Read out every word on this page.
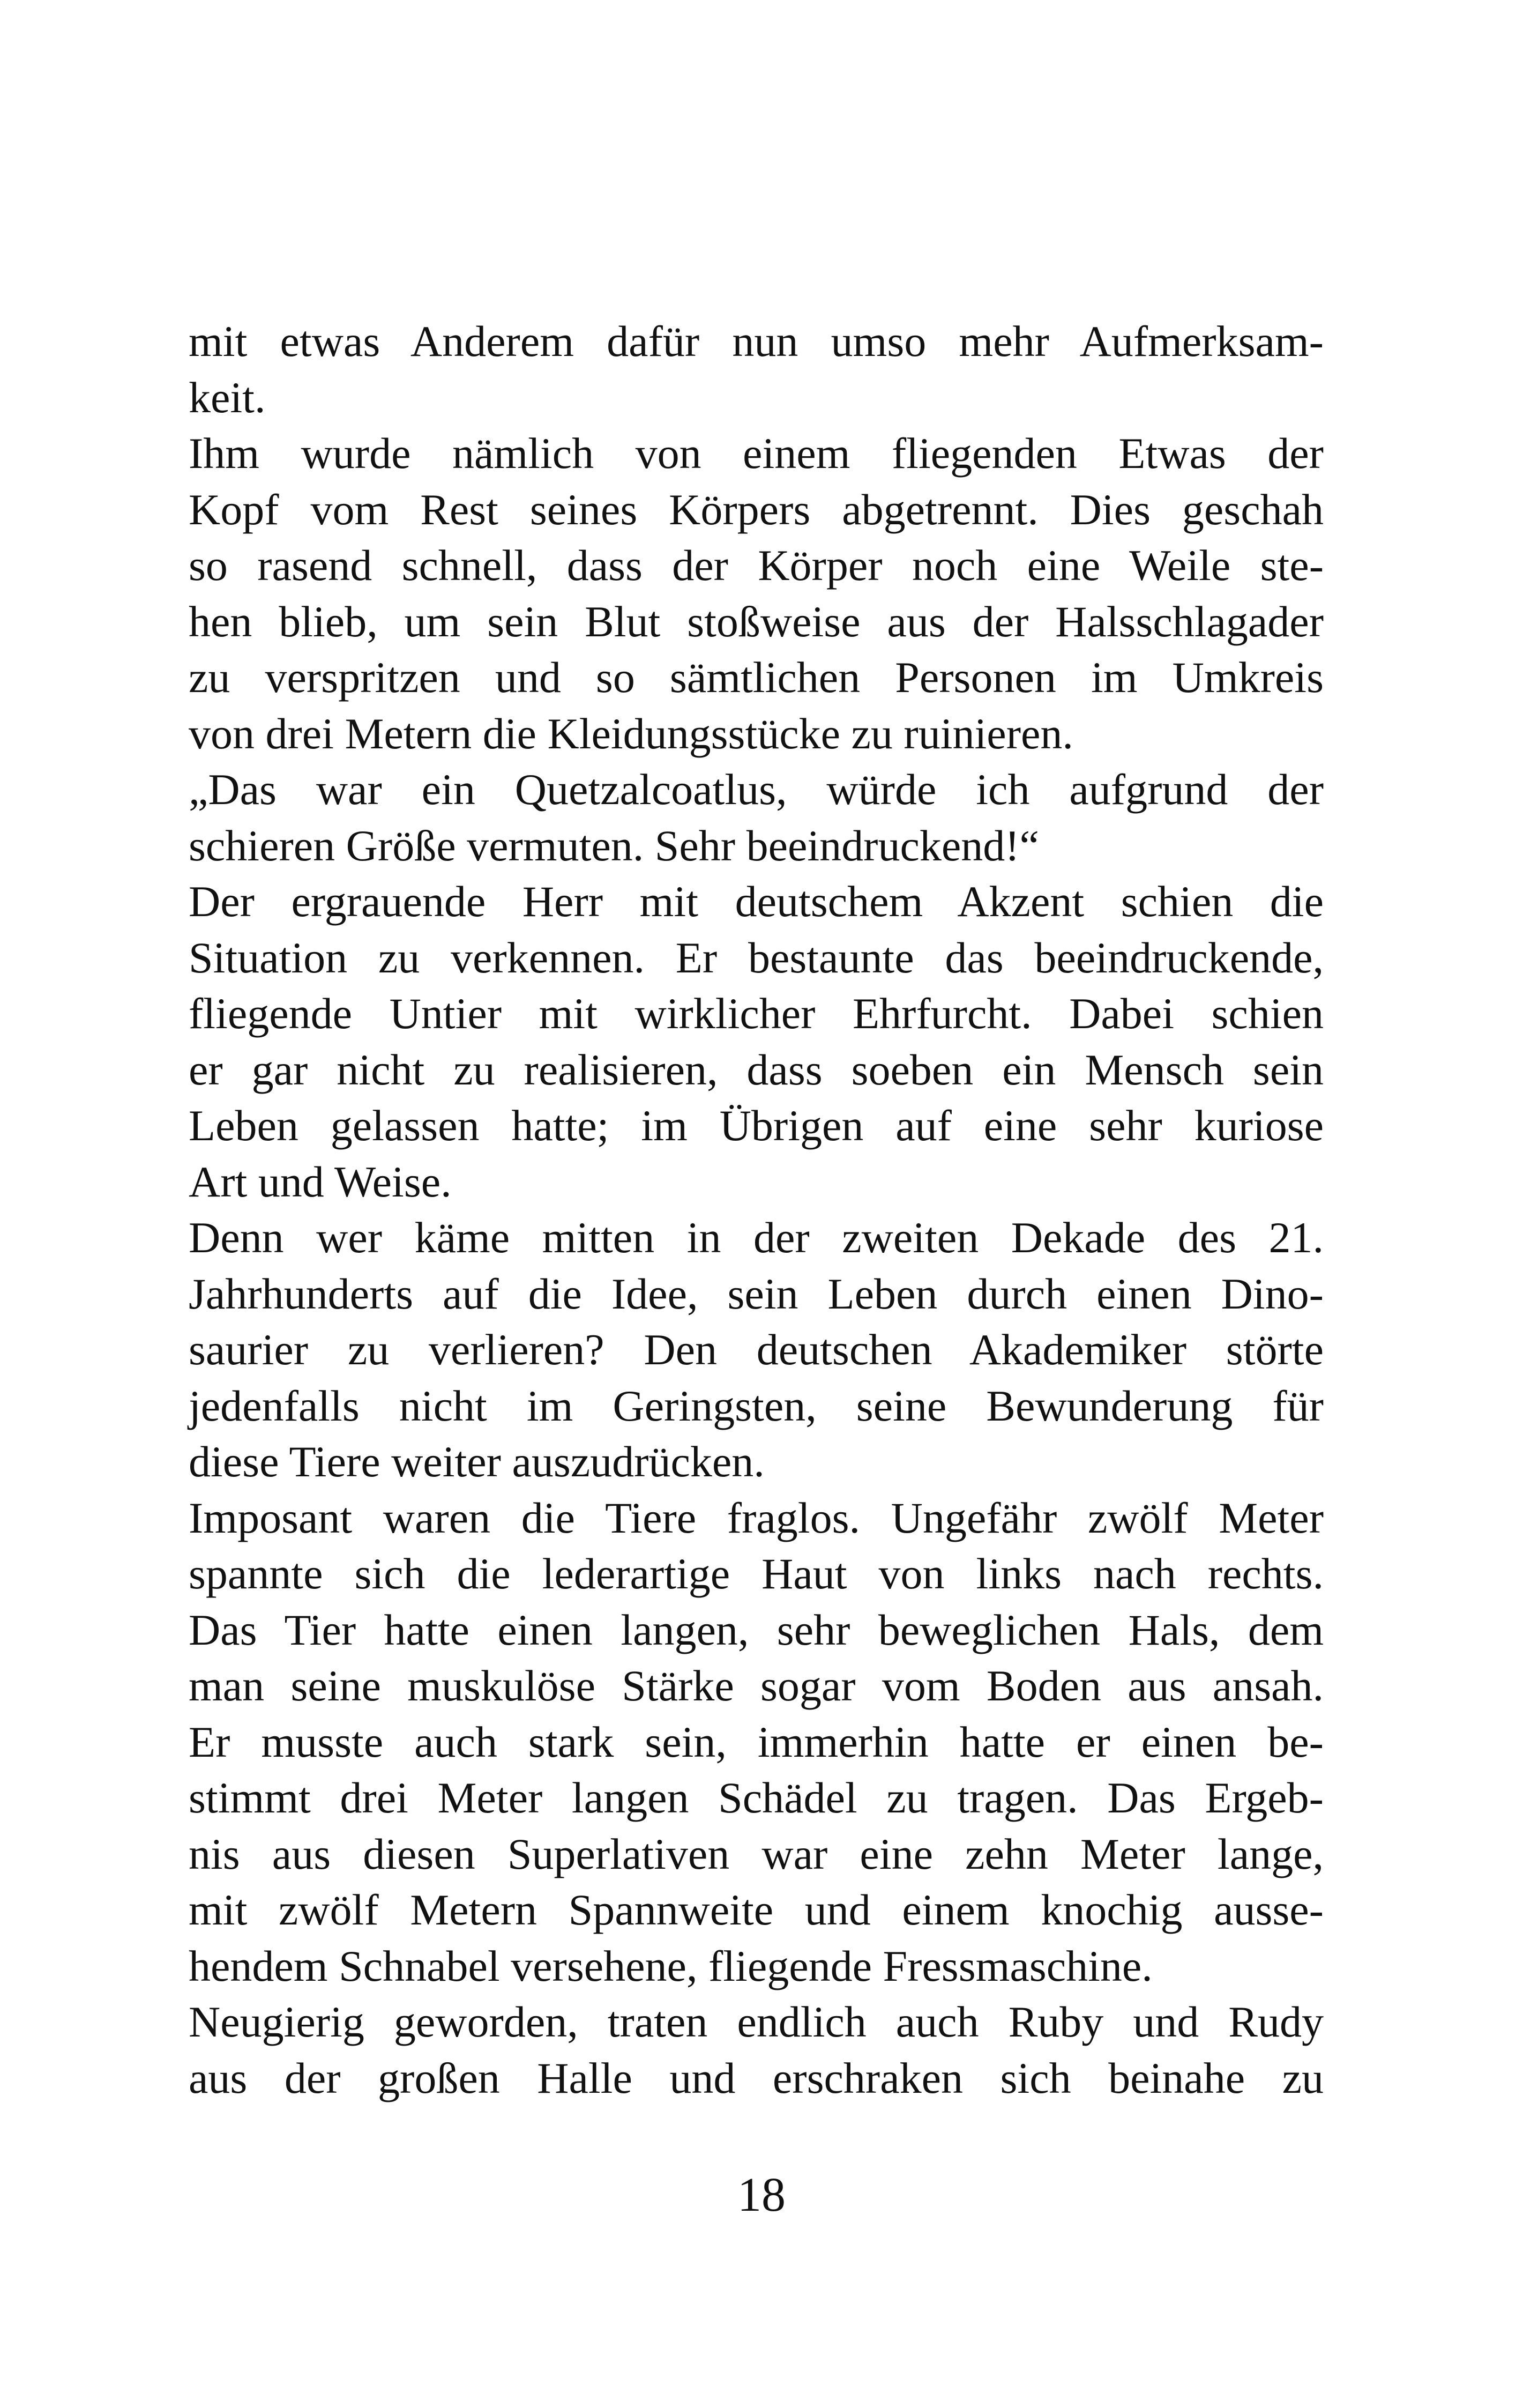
mit etwas Anderem dafür nun umso mehr Aufmerksam-
keit.
Ihm wurde nämlich von einem fliegenden Etwas der
Kopf vom Rest seines Körpers abgetrennt. Dies geschah
so rasend schnell, dass der Körper noch eine Weile ste-
hen blieb, um sein Blut stoßweise aus der Halsschlagader
zu verspritzen und so sämtlichen Personen im Umkreis
von drei Metern die Kleidungsstücke zu ruinieren.
„Das war ein Quetzalcoatlus, würde ich aufgrund der
schieren Größe vermuten. Sehr beeindruckend!“
Der ergrauende Herr mit deutschem Akzent schien die
Situation zu verkennen. Er bestaunte das beeindruckende,
fliegende Untier mit wirklicher Ehrfurcht. Dabei schien
er gar nicht zu realisieren, dass soeben ein Mensch sein
Leben gelassen hatte; im Übrigen auf eine sehr kuriose
Art und Weise.
Denn wer käme mitten in der zweiten Dekade des 21.
Jahrhunderts auf die Idee, sein Leben durch einen Dino-
saurier zu verlieren? Den deutschen Akademiker störte
jedenfalls nicht im Geringsten, seine Bewunderung für
diese Tiere weiter auszudrücken.
Imposant waren die Tiere fraglos. Ungefähr zwölf Meter
spannte sich die lederartige Haut von links nach rechts.
Das Tier hatte einen langen, sehr beweglichen Hals, dem
man seine muskulöse Stärke sogar vom Boden aus ansah.
Er musste auch stark sein, immerhin hatte er einen be-
stimmt drei Meter langen Schädel zu tragen. Das Ergeb-
nis aus diesen Superlativen war eine zehn Meter lange,
mit zwölf Metern Spannweite und einem knochig ausse-
hendem Schnabel versehene, fliegende Fressmaschine.
Neugierig geworden, traten endlich auch Ruby und Rudy
aus der großen Halle und erschraken sich beinahe zu
18
